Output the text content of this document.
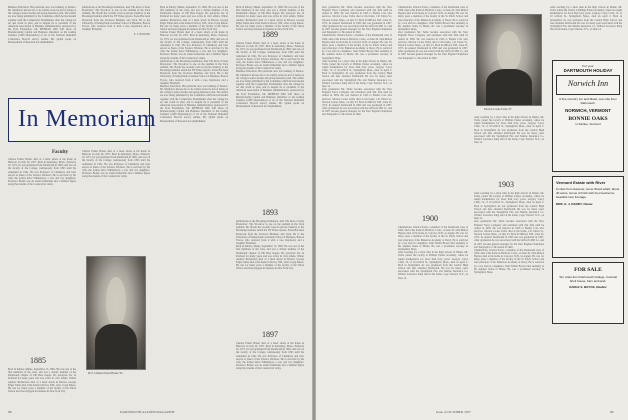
Business Education. His particular area was banking of finance. Mr. Meehan is known also to be widely served as lest of being on the college's senior marine and group-insurance plan. The results are now being published by the Committee which he has headed together with the Comptroller Eustisimmer after the college he set and credit in plan, and in August he is president of the American Association of Business Administration, sponsored by the Ford Foundation. Mr. MEEHAN DID 'Gift Ideas on Manufacturing Capital and Business Outsiders' as the leading founders (1960 Dependence) of all of the National Industrial Conference Board's survey studies. Mr. Quinn spoke on Measurement of Research Accomplishment.
publications at the Brookings Institution. And 'The Role of Sales Promotion.' The Woodrow is one on the stadium in the Tuck stadium. Mr. Booth has recently been in private industry at the Brookings Institute which the NY Times reports. Stone Has been Preserved from the Jacobson Business and Tuck. He is the University of Pennsylvania Graduate School of Business, Boston Forces, who received from it with a tree, Raymond, and a daughter Elizabeth.
E. S. BURGER
In Memoriam
Faculty
Charles Ernest Bolser died of a heart attack at his home in Hanover on July 20, 1957. Born in Amesbury, Mass., February 16, 1871, he was graduated from Dartmouth in 1895, and was on the faculty of the College continuously from 1895 until his retirement in 1941. He was Professor of Chemistry and later served as Dean of the Science Division. He is survived by his wife, the former Alice Whittemore, a son, and two daughters. Professor Bolser was an ardent fisherman and a familiar figure along the streams of the Connecticut valley.
1885
Born in Kittery, Maine, September 13, 1865. He was one of the first members of the class, and was a charter member of the Dartmouth chapter of Phi Beta Kappa. He practiced law in Portland for many years and was active in civic affairs. Walter Andrew Richardson died of a heart attack in Boston. George Edgar Tuttle died at his home in Dover, N.H., after a long illness. He was for many years a member of the faculty of the Tilton School and later engaged in business in New York City.
Charles Ernest Bolser died of a heart attack at his home in Hanover on July 20, 1957. Born in Amesbury, Mass., February 16, 1871, he was graduated from Dartmouth in 1895, and was on the faculty of the College continuously from 1895 until his retirement in 1941. He was Professor of Chemistry and later served as Dean of the Science Division. He is survived by his wife, the former Alice Whittemore, a son, and two daughters. Professor Bolser was an ardent fisherman and a familiar figure along the streams of the Connecticut valley.
Prof. Charles Ernest Bolser '95
Born in Kittery, Maine, September 13, 1865. He was one of the first members of the class, and was a charter member of the Dartmouth chapter of Phi Beta Kappa. He practiced law in Portland for many years and was active in civic affairs. Walter Andrew Richardson died of a heart attack in Boston. George Edgar Tuttle died at his home in Dover, N.H., after a long illness. He was for many years a member of the faculty of the Tilton School and later engaged in business in New York City.
Charles Ernest Bolser died of a heart attack at his home in Hanover on July 20, 1957. Born in Amesbury, Mass., February 16, 1871, he was graduated from Dartmouth in 1895, and was on the faculty of the College continuously from 1895 until his retirement in 1941. He was Professor of Chemistry and later served as Dean of the Science Division. He is survived by his wife, the former Alice Whittemore, a son, and two daughters. Professor Bolser was an ardent fisherman and a familiar figure along the streams of the Connecticut valley.
publications at the Brookings Institution. And 'The Role of Sales Promotion.' The Woodrow is one on the stadium in the Tuck stadium. Mr. Booth has recently been in private industry at the Brookings Institute which the NY Times reports. Stone Has been Preserved from the Jacobson Business and Tuck. He is the University of Pennsylvania Graduate School of Business, Boston Forces, who received from it with a tree, Raymond, and a daughter Elizabeth.
Business Education. His particular area was banking of finance. Mr. Meehan is known also to be widely served as lest of being on the college's senior marine and group-insurance plan. The results are now being published by the Committee which he has headed together with the Comptroller Eustisimmer after the college he set and credit in plan, and in August he is president of the American Association of Business Administration, sponsored by the Ford Foundation. Mr. MEEHAN DID 'Gift Ideas on Manufacturing Capital and Business Outsiders' as the leading founders (1960 Dependence) of all of the National Industrial Conference Board's survey studies. Mr. Quinn spoke on Measurement of Research Accomplishment.
1889
1893
1897
Born in Kittery, Maine, September 13, 1865. He was one of the first members of the class, and was a charter member of the Dartmouth chapter of Phi Beta Kappa. He practiced law in Portland for many years and was active in civic affairs. Walter Andrew Richardson died of a heart attack in Boston. George Edgar Tuttle died at his home in Dover, N.H., after a long illness. He was for many years a member of the faculty of the Tilton School and later engaged in business in New York City.
Charles Ernest Bolser died of a heart attack at his home in Hanover on July 20, 1957. Born in Amesbury, Mass., February 16, 1871, he was graduated from Dartmouth in 1895, and was on the faculty of the College continuously from 1895 until his retirement in 1941. He was Professor of Chemistry and later served as Dean of the Science Division. He is survived by his wife, the former Alice Whittemore, a son, and two daughters. Professor Bolser was an ardent fisherman and a familiar figure along the streams of the Connecticut valley.
Business Education. His particular area was banking of finance. Mr. Meehan is known also to be widely served as lest of being on the college's senior marine and group-insurance plan. The results are now being published by the Committee which he has headed together with the Comptroller Eustisimmer after the college he set and credit in plan, and in August he is president of the American Association of Business Administration, sponsored by the Ford Foundation. Mr. MEEHAN DID 'Gift Ideas on Manufacturing Capital and Business Outsiders' as the leading founders (1960 Dependence) of all of the National Industrial Conference Board's survey studies. Mr. Quinn spoke on Measurement of Research Accomplishment.
publications at the Brookings Institution. And 'The Role of Sales Promotion.' The Woodrow is one on the stadium in the Tuck stadium. Mr. Booth has recently been in private industry at the Brookings Institute which the NY Times reports. Stone Has been Preserved from the Jacobson Business and Tuck. He is the University of Pennsylvania Graduate School of Business, Boston Forces, who received from it with a tree, Raymond, and a daughter Elizabeth.
Born in Kittery, Maine, September 13, 1865. He was one of the first members of the class, and was a charter member of the Dartmouth chapter of Phi Beta Kappa. He practiced law in Portland for many years and was active in civic affairs. Walter Andrew Richardson died of a heart attack in Boston. George Edgar Tuttle died at his home in Dover, N.H., after a long illness. He was for many years a member of the faculty of the Tilton School and later engaged in business in New York City.
Charles Ernest Bolser died of a heart attack at his home in Hanover on July 20, 1957. Born in Amesbury, Mass., February 16, 1871, he was graduated from Dartmouth in 1895, and was on the faculty of the College continuously from 1895 until his retirement in 1941. He was Professor of Chemistry and later served as Dean of the Science Division. He is survived by his wife, the former Alice Whittemore, a son, and two daughters. Professor Bolser was an ardent fisherman and a familiar figure along the streams of the Connecticut valley.
88	DARTMOUTH ALUMNI MAGAZINE
after graduation Mr. Tuttle became associated with the New England News Company and remained with that firm until he retired in 1939. He was married in 1903 to Bertha Cole who survives. Morton Cooke Tuttle died at his home, 110 Union St., Newton Center, Mass., on July 25. Born in Milford, N.H., June 23, 1875, he entered Dartmouth in 1893 and was graduated in 1897. After graduation he was associated with the Gifford's Mill Co. and in 1907 became general manager for the New England Telephone and Telegraph Co. He retired in 1940.
Chamberlain, Charles Porter, a member of the Dartmouth class of 1900, died at his home in Hartford, Conn., on June 20. John Milton Haynes died at his home in Concord, N.H., in August. He was for many years a member of the faculty of the St. Paul's School and later principal of the Pinkerton Academy at Derry. He is survived by a son and two daughters. John Wilder Brown died suddenly at his summer home in Maine. He was a prominent attorney in Springfield, Mass.
After teaching for a short time in the high schools in Maine, Mr. Tuttle joined the faculty at Phillips Exeter Academy, where he taught mathematics for more than forty years. Gregory Carey Clark, 74, of 10 Gifford St., Springfield, Mass., died on April 2. Born in Springfield, he was graduated from the Central High School and later attended Dartmouth. He was for many years associated with the Springfield Fire and Marine Insurance Co. Willard Lawrence King died at his home, Cape Vincent, N.Y., on June 14.
after graduation Mr. Tuttle became associated with the New England News Company and remained with that firm until he retired in 1939. He was married in 1903 to Bertha Cole who survives. Morton Cooke Tuttle died at his home, 110 Union St., Newton Center, Mass., on July 25. Born in Milford, N.H., June 23, 1875, he entered Dartmouth in 1893 and was graduated in 1897. After graduation he was associated with the Gifford's Mill Co. and in 1907 became general manager for the New England Telephone and Telegraph Co. He retired in 1940.
Chamberlain, Charles Porter, a member of the Dartmouth class of 1900, died at his home in Hartford, Conn., on June 20. John Milton Haynes died at his home in Concord, N.H., in August. He was for many years a member of the faculty of the St. Paul's School and later principal of the Pinkerton Academy at Derry. He is survived by a son and two daughters. John Wilder Brown died suddenly at his summer home in Maine. He was a prominent attorney in Springfield, Mass.
after graduation Mr. Tuttle became associated with the New England News Company and remained with that firm until he retired in 1939. He was married in 1903 to Bertha Cole who survives. Morton Cooke Tuttle died at his home, 110 Union St., Newton Center, Mass., on July 25. Born in Milford, N.H., June 23, 1875, he entered Dartmouth in 1893 and was graduated in 1897. After graduation he was associated with the Gifford's Mill Co. and in 1907 became general manager for the New England Telephone and Telegraph Co. He retired in 1940.
1900
Chamberlain, Charles Porter, a member of the Dartmouth class of 1900, died at his home in Hartford, Conn., on June 20. John Milton Haynes died at his home in Concord, N.H., in August. He was for many years a member of the faculty of the St. Paul's School and later principal of the Pinkerton Academy at Derry. He is survived by a son and two daughters. John Wilder Brown died suddenly at his summer home in Maine. He was a prominent attorney in Springfield, Mass.
After teaching for a short time in the high schools in Maine, Mr. Tuttle joined the faculty at Phillips Exeter Academy, where he taught mathematics for more than forty years. Gregory Carey Clark, 74, of 10 Gifford St., Springfield, Mass., died on April 2. Born in Springfield, he was graduated from the Central High School and later attended Dartmouth. He was for many years associated with the Springfield Fire and Marine Insurance Co. Willard Lawrence King died at his home, Cape Vincent, N.Y., on June 14.
Morton Cooke Tuttle '97
After teaching for a short time in the high schools in Maine, Mr. Tuttle joined the faculty at Phillips Exeter Academy, where he taught mathematics for more than forty years. Gregory Carey Clark, 74, of 10 Gifford St., Springfield, Mass., died on April 2. Born in Springfield, he was graduated from the Central High School and later attended Dartmouth. He was for many years associated with the Springfield Fire and Marine Insurance Co. Willard Lawrence King died at his home, Cape Vincent, N.Y., on June 14.
1903
After teaching for a short time in the high schools in Maine, Mr. Tuttle joined the faculty at Phillips Exeter Academy, where he taught mathematics for more than forty years. Gregory Carey Clark, 74, of 10 Gifford St., Springfield, Mass., died on April 2. Born in Springfield, he was graduated from the Central High School and later attended Dartmouth. He was for many years associated with the Springfield Fire and Marine Insurance Co. Willard Lawrence King died at his home, Cape Vincent, N.Y., on June 14.
after graduation Mr. Tuttle became associated with the New England News Company and remained with that firm until he retired in 1939. He was married in 1903 to Bertha Cole who survives. Morton Cooke Tuttle died at his home, 110 Union St., Newton Center, Mass., on July 25. Born in Milford, N.H., June 23, 1875, he entered Dartmouth in 1893 and was graduated in 1897. After graduation he was associated with the Gifford's Mill Co. and in 1907 became general manager for the New England Telephone and Telegraph Co. He retired in 1940.
Chamberlain, Charles Porter, a member of the Dartmouth class of 1900, died at his home in Hartford, Conn., on June 20. John Milton Haynes died at his home in Concord, N.H., in August. He was for many years a member of the faculty of the St. Paul's School and later principal of the Pinkerton Academy at Derry. He is survived by a son and two daughters. John Wilder Brown died suddenly at his summer home in Maine. He was a prominent attorney in Springfield, Mass.
After teaching for a short time in the high schools in Maine, Mr. Tuttle joined the faculty at Phillips Exeter Academy, where he taught mathematics for more than forty years. Gregory Carey Clark, 74, of 10 Gifford St., Springfield, Mass., died on April 2. Born in Springfield, he was graduated from the Central High School and later attended Dartmouth. He was for many years associated with the Springfield Fire and Marine Insurance Co. Willard Lawrence King died at his home, Cape Vincent, N.Y., on June 14.
For your
DARTMOUTH HOLIDAY
Norwich Inn
A fine Country Inn and Motel, one mile from Dartmouth.
NORWICH, VERMONT
BONNIE OAKS
in Fairlee, Vermont
Vermont Estate with River
6 miles from Hanover, some Wood wharf, about 40 acres. Home of brick with four bedrooms, beautiful river frontage.
MRS. E. J. RANDY, Owner
FOR SALE
Ten miles from Dartmouth College, Colonial brick house, barn and land.
EARLE S. BOYCE, Realtor
Issue of OCTOBER 1957	89
